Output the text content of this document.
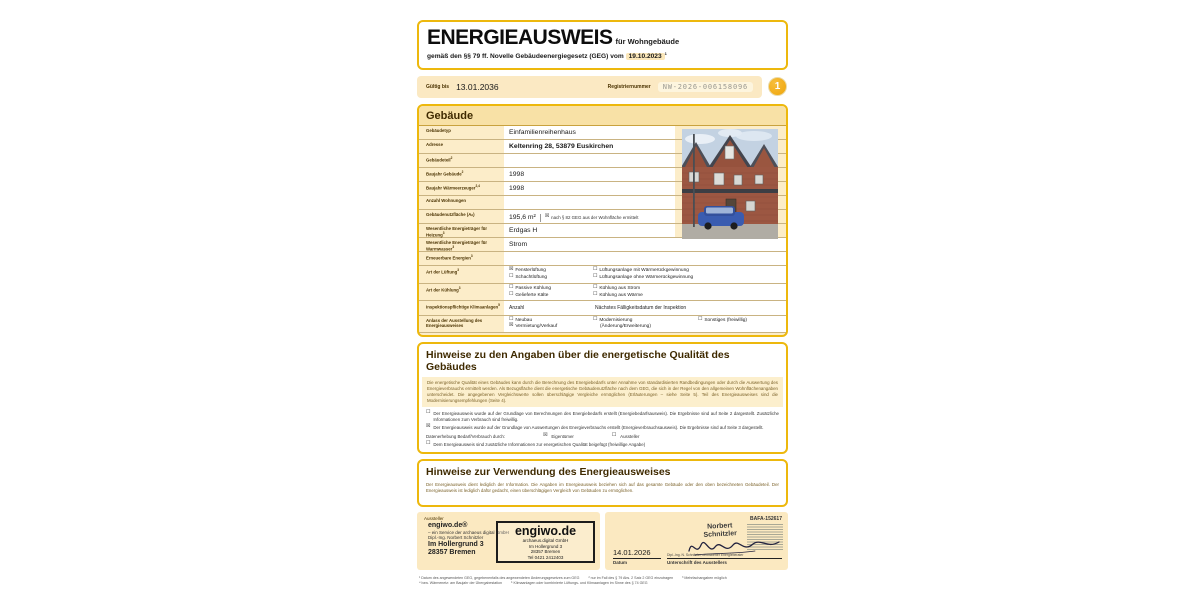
ENERGIEAUSWEIS für Wohngebäude
gemäß den §§ 79 ff. Novelle Gebäudeenergiegesetz (GEG) vom 19.10.2023 $^1$
Gültig bis 13.01.2036	Registriernummer	NW-2026-006158096	1
Gebäude
Gebäudetyp	Einfamilienreihenhaus
Adresse	Keltenring 28, 53879 Euskirchen
Gebäudeteil$^2$
Baujahr Gebäude$^2$	1998
Baujahr Wärmeerzeuger$^{2,4}$	1998
Anzahl Wohnungen
Gebäudenutzfläche (Aₙ)	195,6 m² ☒ nach § 82 GEG aus der Wohnfläche ermittelt
Wesentliche Energieträger für Heizung$^3$	Erdgas H
Wesentliche Energieträger für Warmwasser$^3$	Strom
Erneuerbare Energien$^3$
Art der Lüftung$^3$	☒ Fensterlüftung
☐ Schachtlüftung
☐ Lüftungsanlage mit Wärmerückgewinnung
☐ Lüftungsanlage ohne Wärmerückgewinnung
Art der Kühlung$^3$	☐ Passive Kühlung
☐ Gelieferte Kälte
☐ Kühlung aus Strom
☐ Kühlung aus Wärme
Inspektionspflichtige Klimaanlagen$^5$	Anzahl	Nächstes Fälligkeitsdatum der Inspektion
Anlass der Ausstellung des Energieausweises
☐ Neubau
☒ Vermietung/Verkauf
☐ Modernisierung
(Änderung/Erweiterung)
☐ Sonstiges (freiwillig)
Hinweise zu den Angaben über die energetische Qualität des Gebäudes
Die energetische Qualität eines Gebäudes kann durch die Berechnung des Energiebedarfs unter Annahme von standardisierten Randbedingungen oder durch die Auswertung des Energieverbrauchs ermittelt werden. Als Bezugsfläche dient die energetische Gebäudenutzfläche nach dem GEG, die sich in der Regel von den allgemeinen Wohnflächenangaben unterscheidet. Die angegebenen Vergleichswerte sollen überschlägige Vergleiche ermöglichen (Erläuterungen – siehe Seite 5). Teil des Energieausweises sind die Modernisierungsempfehlungen (Seite 4).
☐ Der Energieausweis wurde auf der Grundlage von Berechnungen des Energiebedarfs erstellt (Energiebedarfsausweis). Die Ergebnisse sind auf Seite 2 dargestellt. Zusätzliche Informationen zum Verbrauch sind freiwillig.
☒ Der Energieausweis wurde auf der Grundlage von Auswertungen des Energieverbrauchs erstellt (Energieverbrauchsausweis). Die Ergebnisse sind auf Seite 3 dargestellt.
Datenerhebung Bedarf/Verbrauch durch:	☒ Eigentümer	☐ Aussteller
☐ Dem Energieausweis sind zusätzliche Informationen zur energetischen Qualität beigefügt (freiwillige Angabe)
Hinweise zur Verwendung des Energieausweises
Der Energieausweis dient lediglich der Information. Die Angaben im Energieausweis beziehen sich auf das gesamte Gebäude oder den oben bezeichneten Gebäudeteil. Der Energieausweis ist lediglich dafür gedacht, einen überschlägigen Vergleich von Gebäuden zu ermöglichen.
Aussteller
engiwo.de®
– ein Service der archaeus digital GmbH
Dipl.-Ing. Norbert Schnitzler
Im Hollergrund 3
28357 Bremen
engiwo.de
archaeus.digital GmbH
Im Hollergrund 3
28357 Bremen
Tel 0421 2412403
BAFA-152617
Norbert Schnitzler
14.01.2026
Datum
Dipl.-Ing. N. Schnitzler, zertifizierter Energieberater
Unterschrift des Ausstellers
¹ Datum des angewendeten GEG, gegebenenfalls des angewendeten Änderungsgesetzes zum GEG	² nur im Fall des § 79 Abs. 2 Satz 2 GEG einzutragen	³ Mehrfachangaben möglich
⁴ bzw. Wärmenetz: am Baujahr der Übergabestation	⁵ Klimaanlagen oder kombinierte Lüftungs- und Klimaanlagen im Sinne des § 74 GEG
